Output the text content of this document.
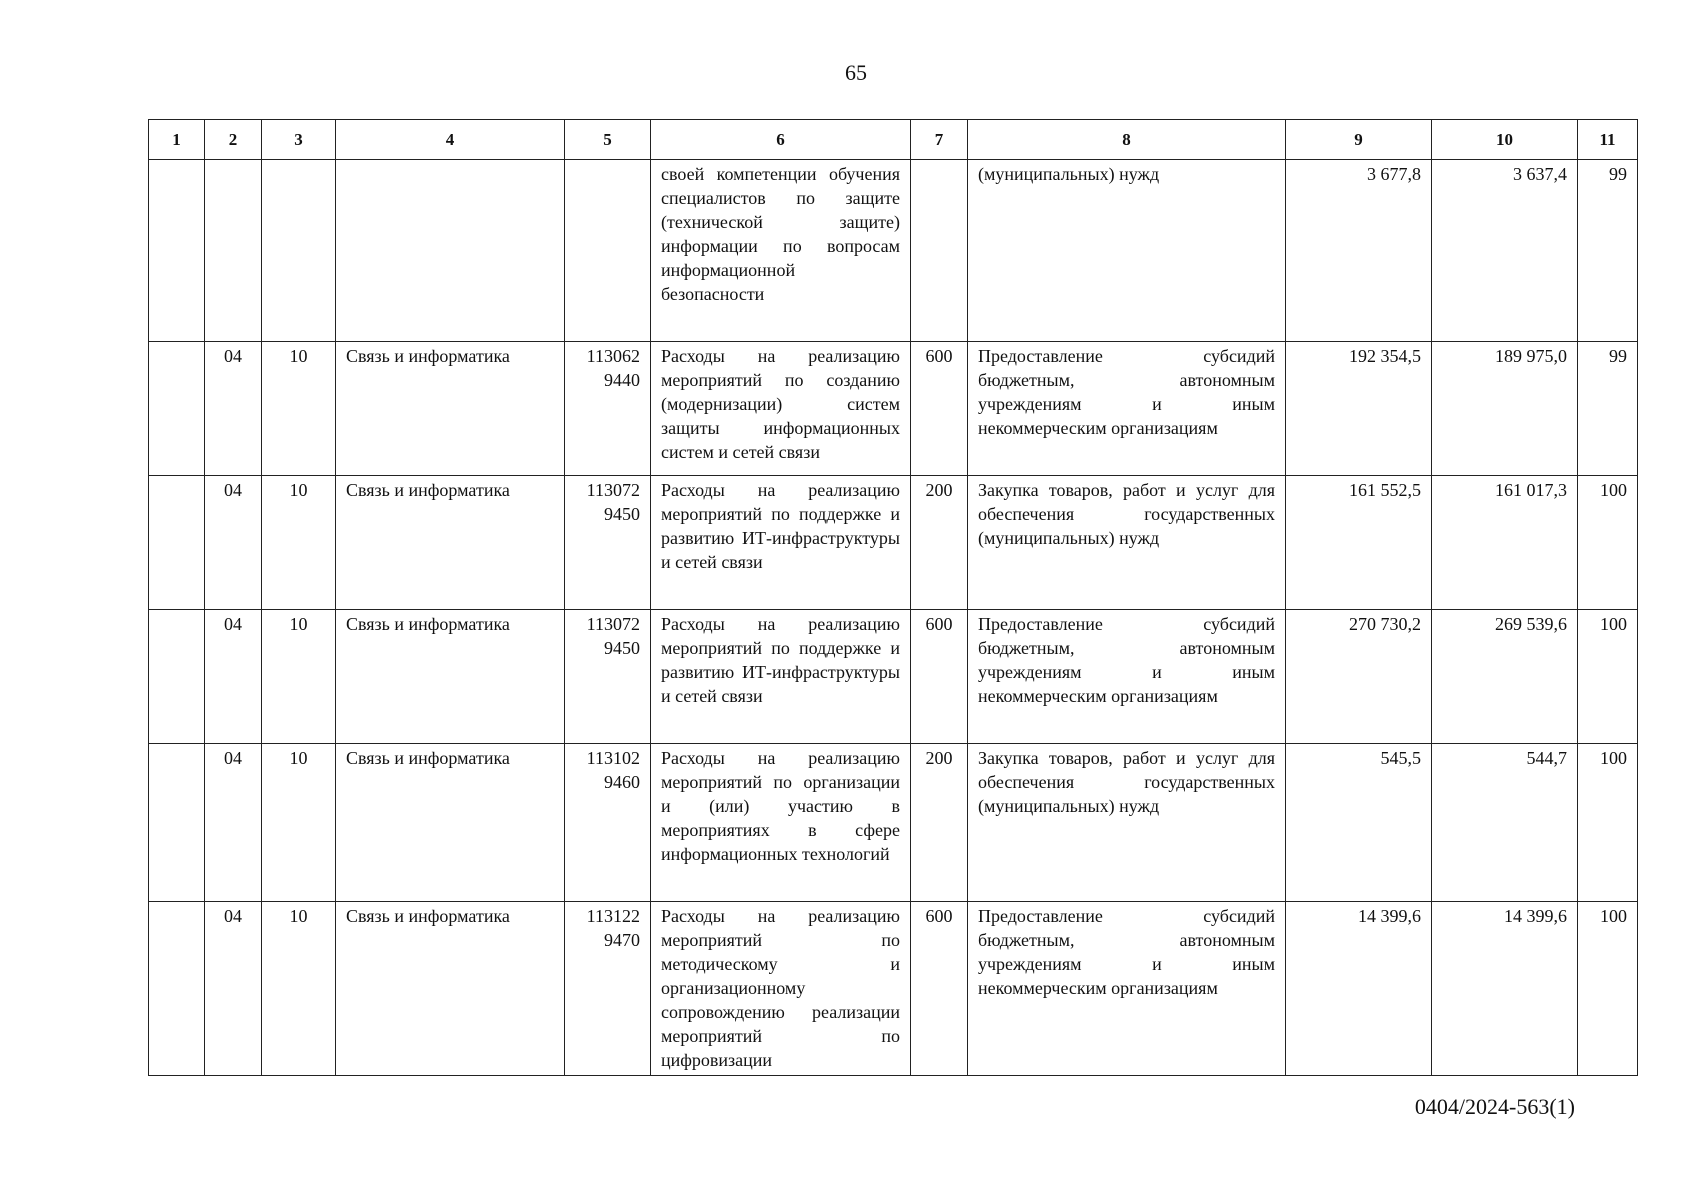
65
1	2	3	4	5	6	7	8	9	10	11
					своей компетенции обучения специалистов по защите (технической защите) информации по вопросам информационной безопасности		(муниципальных) нужд	3 677,8	3 637,4	99
	04	10	Связь и информатика	113062 9440	Расходы на реализацию мероприятий по созданию (модернизации) систем защиты информационных систем и сетей связи	600	Предоставление субсидий бюджетным, автономным учреждениям и иным некоммерческим организациям	192 354,5	189 975,0	99
	04	10	Связь и информатика	113072 9450	Расходы на реализацию мероприятий по поддержке и развитию ИТ-инфраструктуры и сетей связи	200	Закупка товаров, работ и услуг для обеспечения государственных (муниципальных) нужд	161 552,5	161 017,3	100
	04	10	Связь и информатика	113072 9450	Расходы на реализацию мероприятий по поддержке и развитию ИТ-инфраструктуры и сетей связи	600	Предоставление субсидий бюджетным, автономным учреждениям и иным некоммерческим организациям	270 730,2	269 539,6	100
	04	10	Связь и информатика	113102 9460	Расходы на реализацию мероприятий по организации и (или) участию в мероприятиях в сфере информационных технологий	200	Закупка товаров, работ и услуг для обеспечения государственных (муниципальных) нужд	545,5	544,7	100
	04	10	Связь и информатика	113122 9470	Расходы на реализацию мероприятий по методическому и организационному сопровождению реализации мероприятий по цифровизации	600	Предоставление субсидий бюджетным, автономным учреждениям и иным некоммерческим организациям	14 399,6	14 399,6	100
0404/2024-563(1)
